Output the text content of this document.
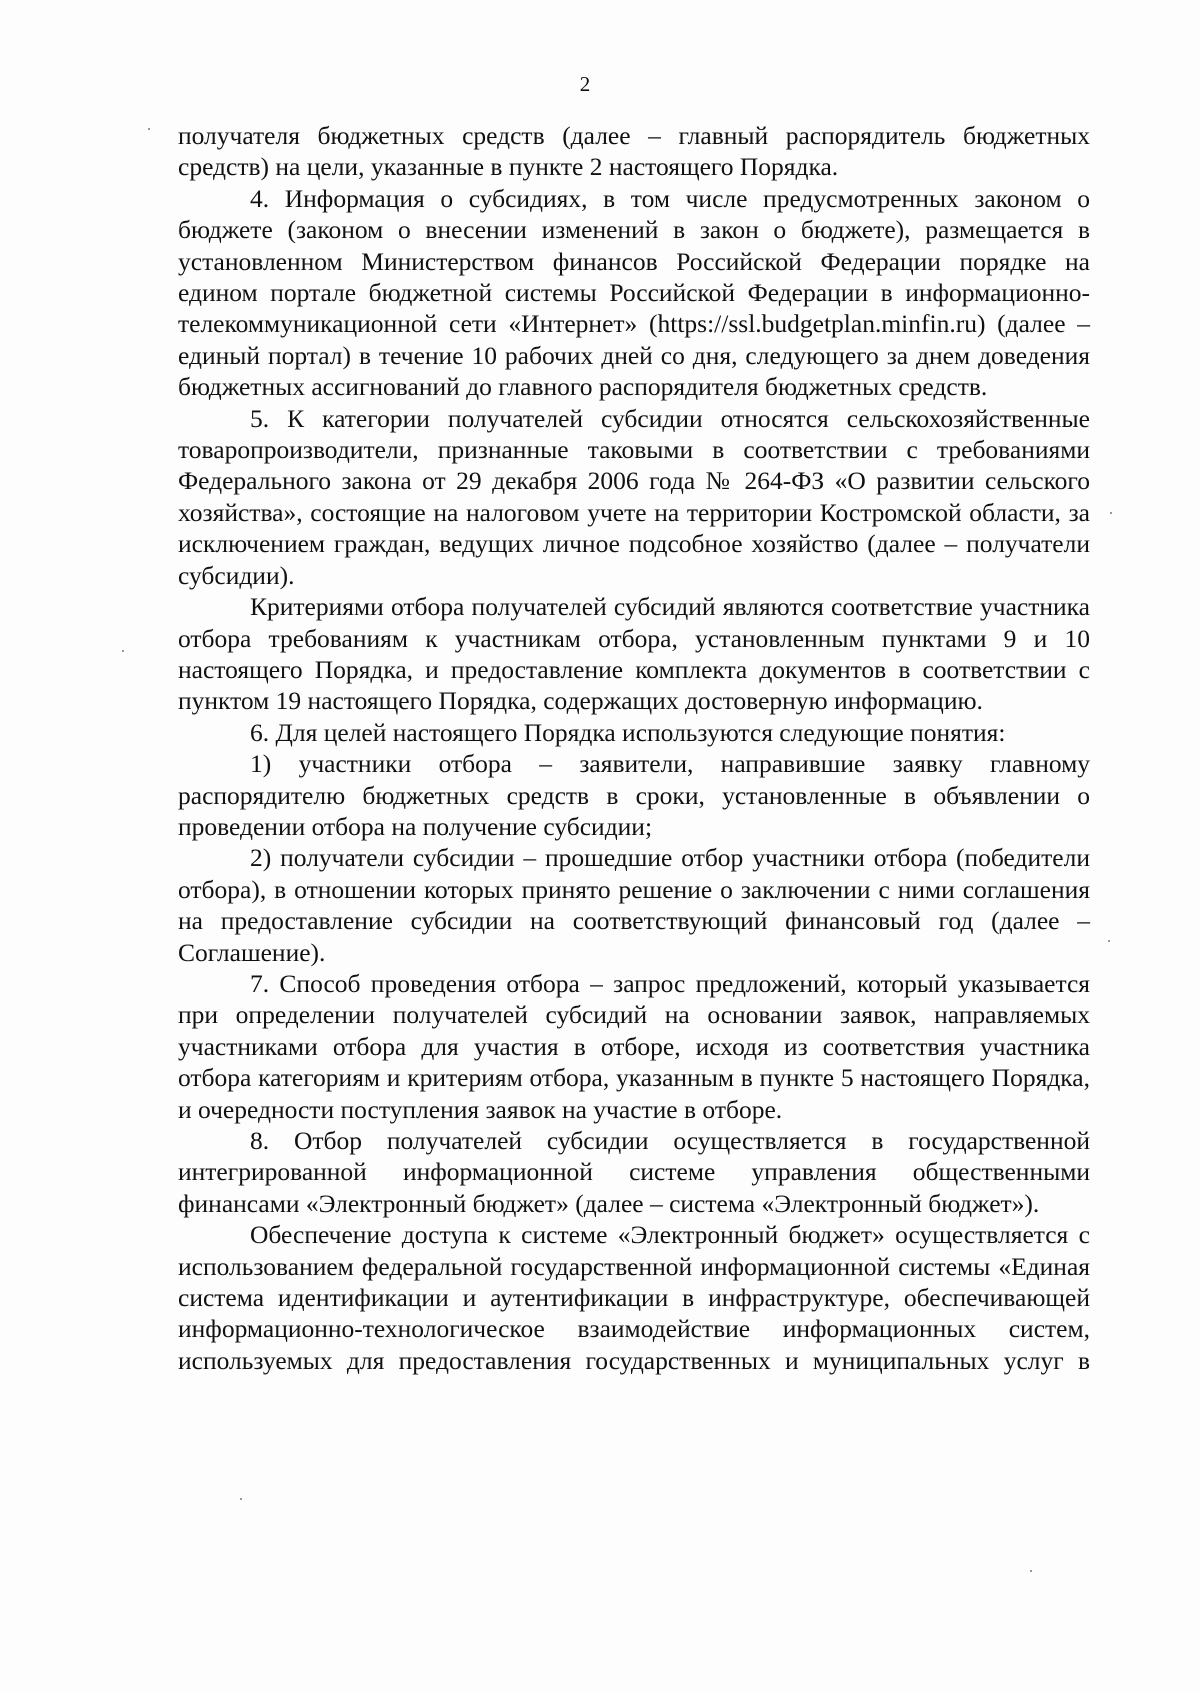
2

получателя бюджетных средств (далее – главный распорядитель бюджетных средств) на цели, указанные в пункте 2 настоящего Порядка.

4. Информация о субсидиях, в том числе предусмотренных законом о бюджете (законом о внесении изменений в закон о бюджете), размещается в установленном Министерством финансов Российской Федерации порядке на едином портале бюджетной системы Российской Федерации в информационно-телекоммуникационной сети «Интернет» (https://ssl.budgetplan.minfin.ru) (далее – единый портал) в течение 10 рабочих дней со дня, следующего за днем доведения бюджетных ассигнований до главного распорядителя бюджетных средств.

5. К категории получателей субсидии относятся сельскохозяйственные товаропроизводители, признанные таковыми в соответствии с требованиями Федерального закона от 29 декабря 2006 года № 264-ФЗ «О развитии сельского хозяйства», состоящие на налоговом учете на территории Костромской области, за исключением граждан, ведущих личное подсобное хозяйство (далее – получатели субсидии).

Критериями отбора получателей субсидий являются соответствие участника отбора требованиям к участникам отбора, установленным пунктами 9 и 10 настоящего Порядка, и предоставление комплекта документов в соответствии с пунктом 19 настоящего Порядка, содержащих достоверную информацию.

6. Для целей настоящего Порядка используются следующие понятия:

1) участники отбора – заявители, направившие заявку главному распорядителю бюджетных средств в сроки, установленные в объявлении о проведении отбора на получение субсидии;

2) получатели субсидии – прошедшие отбор участники отбора (победители отбора), в отношении которых принято решение о заключении с ними соглашения на предоставление субсидии на соответствующий финансовый год (далее – Соглашение).

7. Способ проведения отбора – запрос предложений, который указывается при определении получателей субсидий на основании заявок, направляемых участниками отбора для участия в отборе, исходя из соответствия участника отбора категориям и критериям отбора, указанным в пункте 5 настоящего Порядка, и очередности поступления заявок на участие в отборе.

8. Отбор получателей субсидии осуществляется в государственной интегрированной информационной системе управления общественными финансами «Электронный бюджет» (далее – система «Электронный бюджет»).

Обеспечение доступа к системе «Электронный бюджет» осуществляется с использованием федеральной государственной информационной системы «Единая система идентификации и аутентификации в инфраструктуре, обеспечивающей информационно-технологическое взаимодействие информационных систем, используемых для предоставления государственных и муниципальных услуг в
